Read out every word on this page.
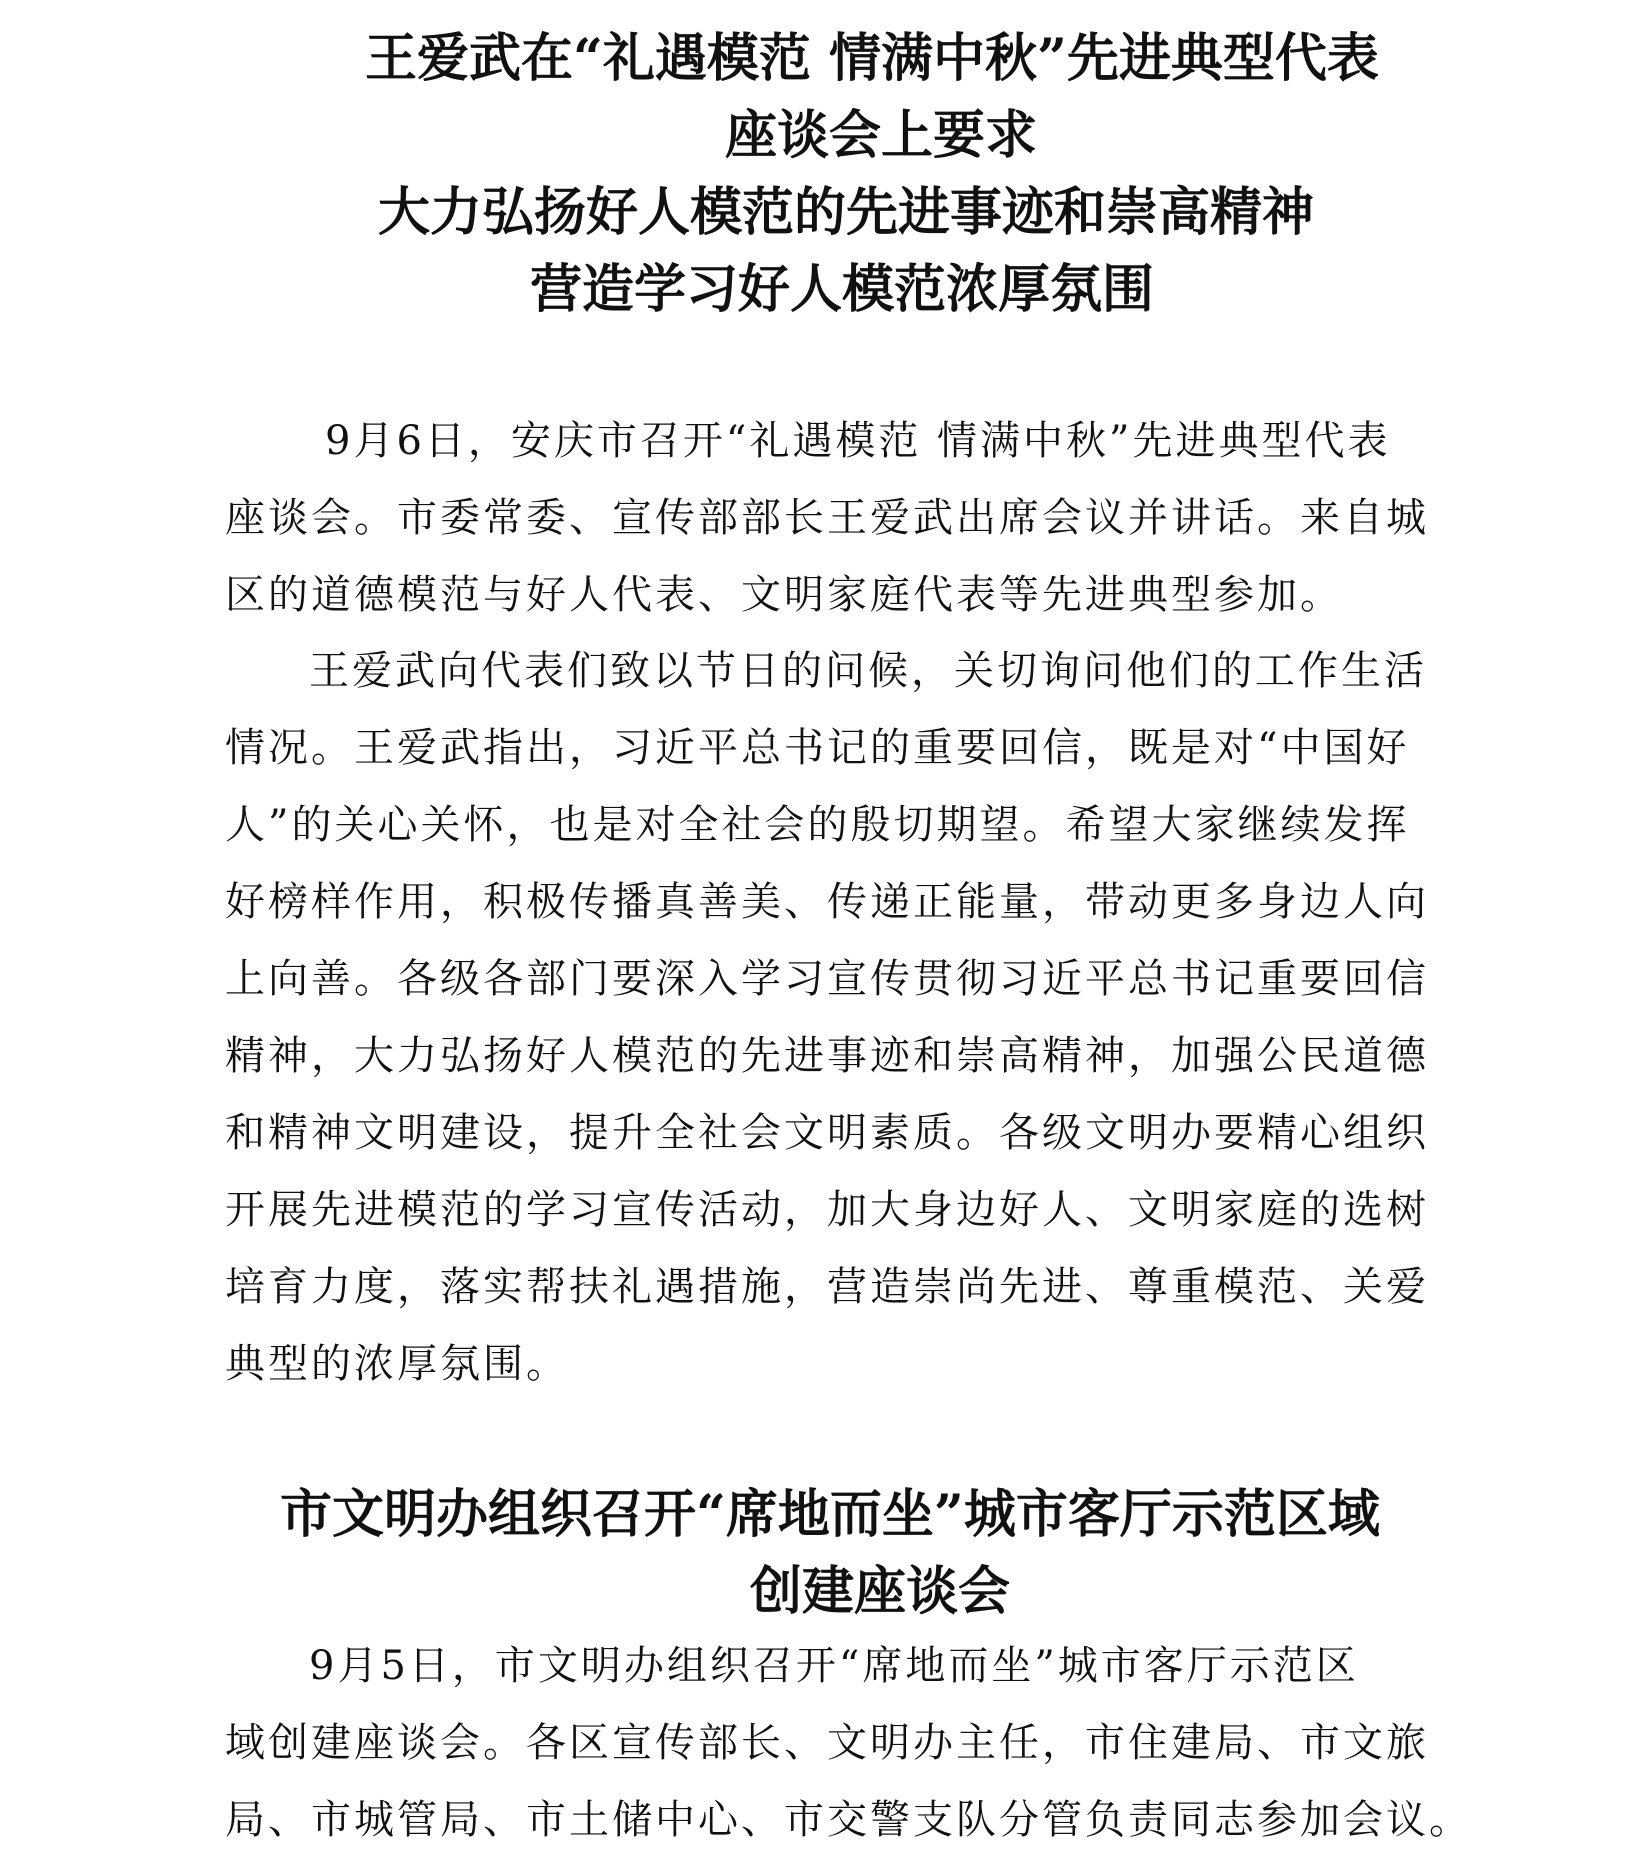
王爱武在“礼遇模范 情满中秋”先进典型代表
座谈会上要求
大力弘扬好人模范的先进事迹和崇高精神
营造学习好人模范浓厚氛围
9月6日，安庆市召开“礼遇模范 情满中秋”先进典型代表
座谈会。市委常委、宣传部部长王爱武出席会议并讲话。来自城
区的道德模范与好人代表、文明家庭代表等先进典型参加。
王爱武向代表们致以节日的问候，关切询问他们的工作生活
情况。王爱武指出，习近平总书记的重要回信，既是对“中国好
人”的关心关怀，也是对全社会的殷切期望。希望大家继续发挥
好榜样作用，积极传播真善美、传递正能量，带动更多身边人向
上向善。各级各部门要深入学习宣传贯彻习近平总书记重要回信
精神，大力弘扬好人模范的先进事迹和崇高精神，加强公民道德
和精神文明建设，提升全社会文明素质。各级文明办要精心组织
开展先进模范的学习宣传活动，加大身边好人、文明家庭的选树
培育力度，落实帮扶礼遇措施，营造崇尚先进、尊重模范、关爱
典型的浓厚氛围。
市文明办组织召开“席地而坐”城市客厅示范区域
创建座谈会
9月5日，市文明办组织召开“席地而坐”城市客厅示范区
域创建座谈会。各区宣传部长、文明办主任，市住建局、市文旅
局、市城管局、市土储中心、市交警支队分管负责同志参加会议。
